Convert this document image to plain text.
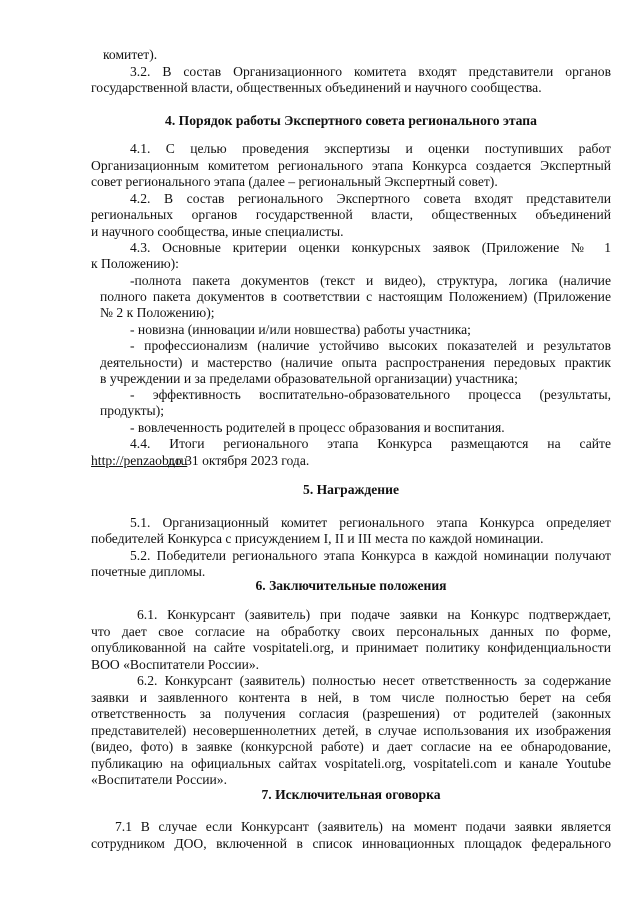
комитет).
3.2. В состав Организационного комитета входят представители органов
государственной власти, общественных объединений и научного сообщества.
4. Порядок работы Экспертного совета регионального этапа
4.1. С целью проведения экспертизы и оценки поступивших работ
Организационным комитетом регионального этапа Конкурса создается Экспертный
совет регионального этапа (далее – региональный Экспертный совет).
4.2. В состав регионального Экспертного совета входят представители
региональных органов государственной власти, общественных объединений
и научного сообщества, иные специалисты.
4.3. Основные критерии оценки конкурсных заявок (Приложение № 1
к Положению):
-полнота пакета документов (текст и видео), структура, логика (наличие
полного пакета документов в соответствии с настоящим Положением) (Приложение
№ 2 к Положению);
- новизна (инновации и/или новшества) работы участника;
- профессионализм (наличие устойчиво высоких показателей и результатов
деятельности) и мастерство (наличие опыта распространения передовых практик
в учреждении и за пределами образовательной организации) участника;
- эффективность воспитательно-образовательного процесса (результаты,
продукты);
- вовлеченность родителей в процесс образования и воспитания.
4.4. Итоги регионального этапа Конкурса размещаются на сайте
http://penzaobr.ru
до 31 октября 2023 года.
5. Награждение
5.1. Организационный комитет регионального этапа Конкурса определяет
победителей Конкурса с присуждением I, II и III места по каждой номинации.
5.2. Победители регионального этапа Конкурса в каждой номинации получают
почетные дипломы.
6. Заключительные положения
6.1. Конкурсант (заявитель) при подаче заявки на Конкурс подтверждает,
что дает свое согласие на обработку своих персональных данных по форме,
опубликованной на сайте vospitateli.org, и принимает политику конфиденциальности
ВОО «Воспитатели России».
6.2. Конкурсант (заявитель) полностью несет ответственность за содержание
заявки и заявленного контента в ней, в том числе полностью берет на себя
ответственность за получения согласия (разрешения) от родителей (законных
представителей) несовершеннолетних детей, в случае использования их изображения
(видео, фото) в заявке (конкурсной работе) и дает согласие на ее обнародование,
публикацию на официальных сайтах vospitateli.org, vospitateli.com и канале Youtube
«Воспитатели России».
7. Исключительная оговорка
7.1 В случае если Конкурсант (заявитель) на момент подачи заявки является
сотрудником ДОО, включенной в список инновационных площадок федерального
